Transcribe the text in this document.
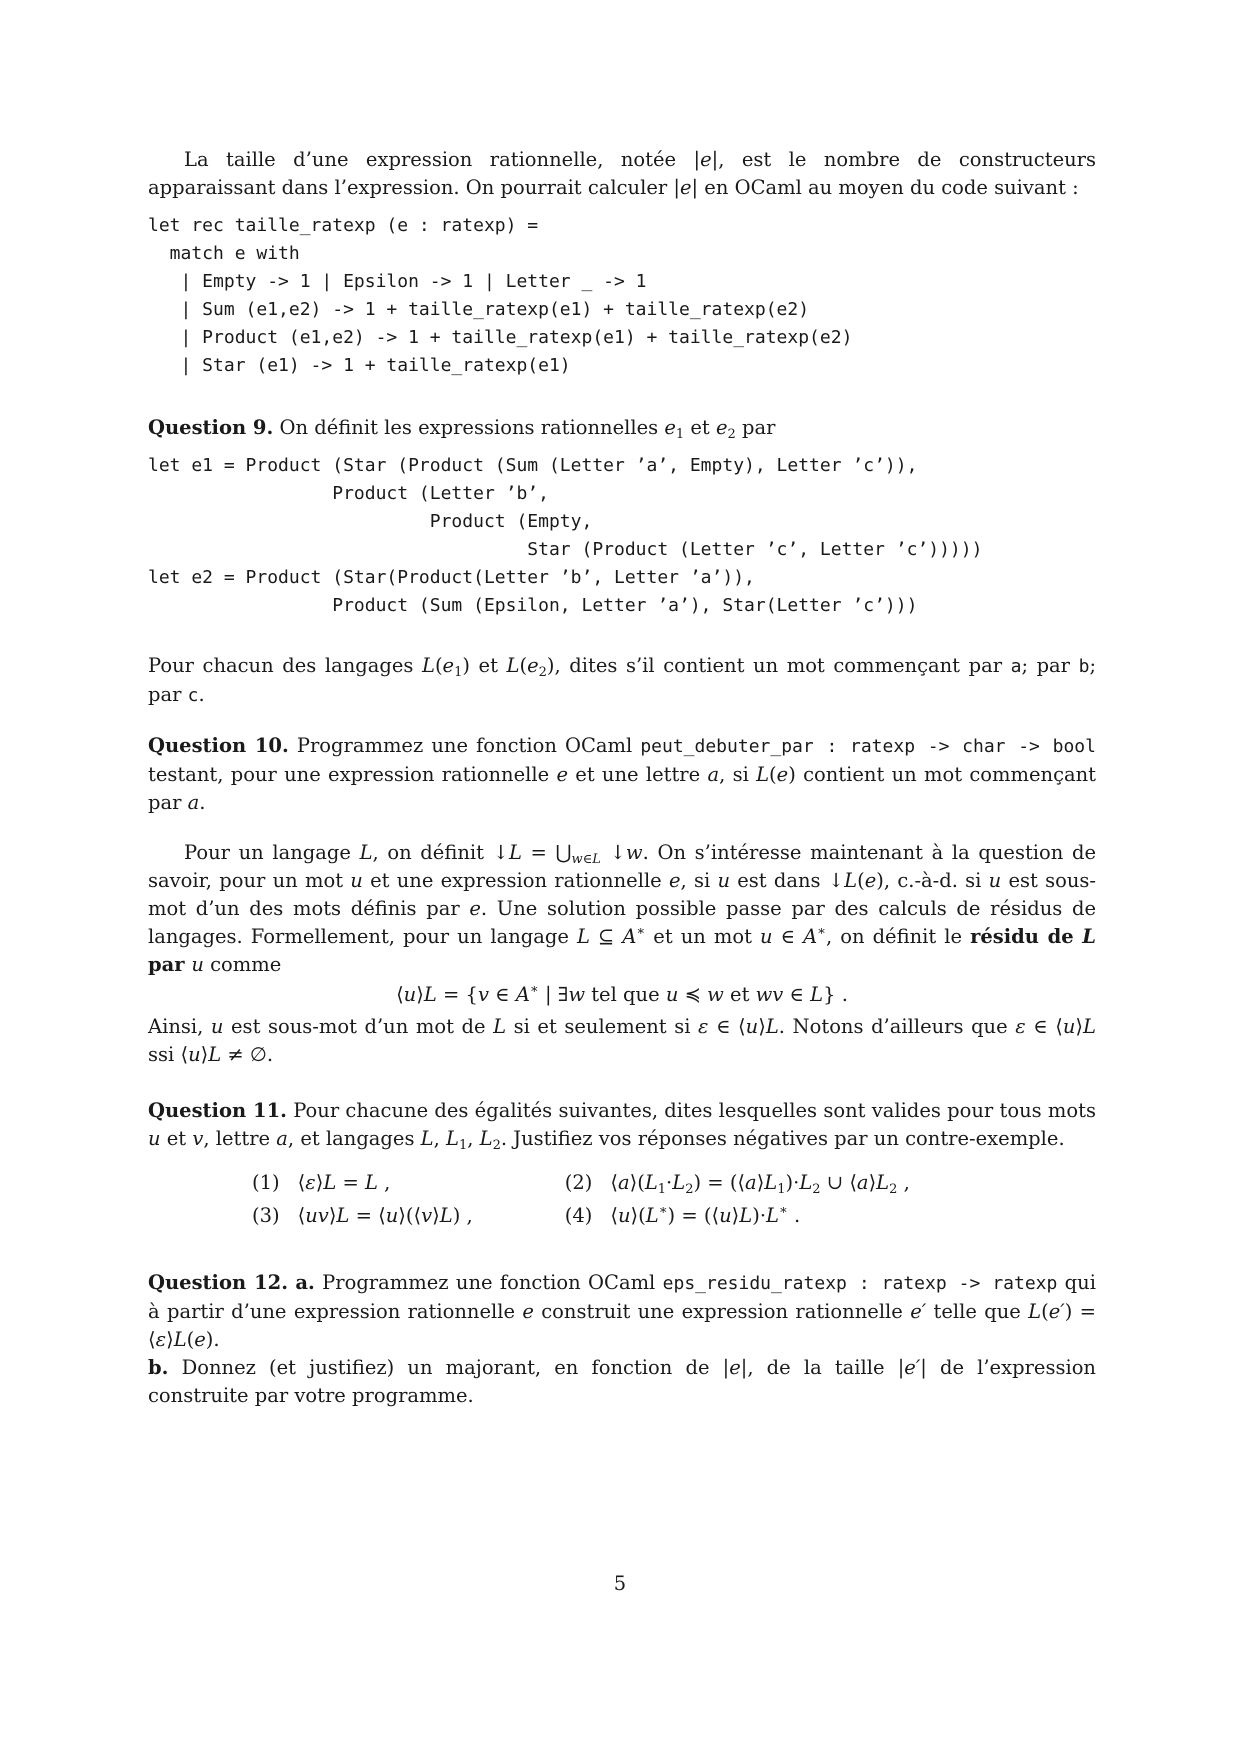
La taille d’une expression rationnelle, notée |e|, est le nombre de constructeurs apparaissant dans l’expression. On pourrait calculer |e| en OCaml au moyen du code suivant :

let rec taille_ratexp (e : ratexp) =
match e with
| Empty -> 1 | Epsilon -> 1 | Letter _ -> 1
| Sum (e1,e2) -> 1 + taille_ratexp(e1) + taille_ratexp(e2)
| Product (e1,e2) -> 1 + taille_ratexp(e1) + taille_ratexp(e2)
| Star (e1) -> 1 + taille_ratexp(e1)

Question 9. On définit les expressions rationnelles $e_1$ et $e_2$ par

let e1 = Product (Star (Product (Sum (Letter ’a’, Empty), Letter ’c’)),
Product (Letter ’b’,
Product (Empty,
Star (Product (Letter ’c’, Letter ’c’)))))
let e2 = Product (Star(Product(Letter ’b’, Letter ’a’)),
Product (Sum (Epsilon, Letter ’a’), Star(Letter ’c’)))

Pour chacun des langages $L(e_1)$ et $L(e_2)$, dites s’il contient un mot commençant par a; par b; par c.

Question 10. Programmez une fonction OCaml peut_debuter_par : ratexp -> char -> bool testant, pour une expression rationnelle e et une lettre a, si L(e) contient un mot commençant par a.

Pour un langage L, on définit ↓L = $⋃_{w\in L}$ ↓w. On s’intéresse maintenant à la question de savoir, pour un mot u et une expression rationnelle e, si u est dans ↓L(e), c.-à-d. si u est sous-mot d’un des mots définis par e. Une solution possible passe par des calculs de résidus de langages. Formellement, pour un langage L ⊆ A∗ et un mot u ∈ A∗, on définit le résidu de L par u comme

⟨u⟩L = {v ∈ A∗ | ∃w tel que u ≼ w et wv ∈ L} .

Ainsi, u est sous-mot d’un mot de L si et seulement si ε ∈ ⟨u⟩L. Notons d’ailleurs que ε ∈ ⟨u⟩L ssi ⟨u⟩L ≠ ∅.

Question 11. Pour chacune des égalités suivantes, dites lesquelles sont valides pour tous mots u et v, lettre a, et langages L, $L_1$, $L_2$. Justifiez vos réponses négatives par un contre-exemple.

(1)	⟨ε⟩L = L ,	(2)	$⟨a⟩(L_1\cdot L_2)$ = $(⟨a⟩L_1)\cdot L_2$ ∪ $⟨a⟩L_2$ ,
(3)	⟨uv⟩L = ⟨u⟩(⟨v⟩L) ,	(4)	⟨u⟩(L∗) = (⟨u⟩L)·L∗ .

Question 12. a. Programmez une fonction OCaml eps_residu_ratexp : ratexp -> ratexp qui à partir d’une expression rationnelle e construit une expression rationnelle e′ telle que L(e′) = ⟨ε⟩L(e).

b. Donnez (et justifiez) un majorant, en fonction de |e|, de la taille |e′| de l’expression construite par votre programme.

5
